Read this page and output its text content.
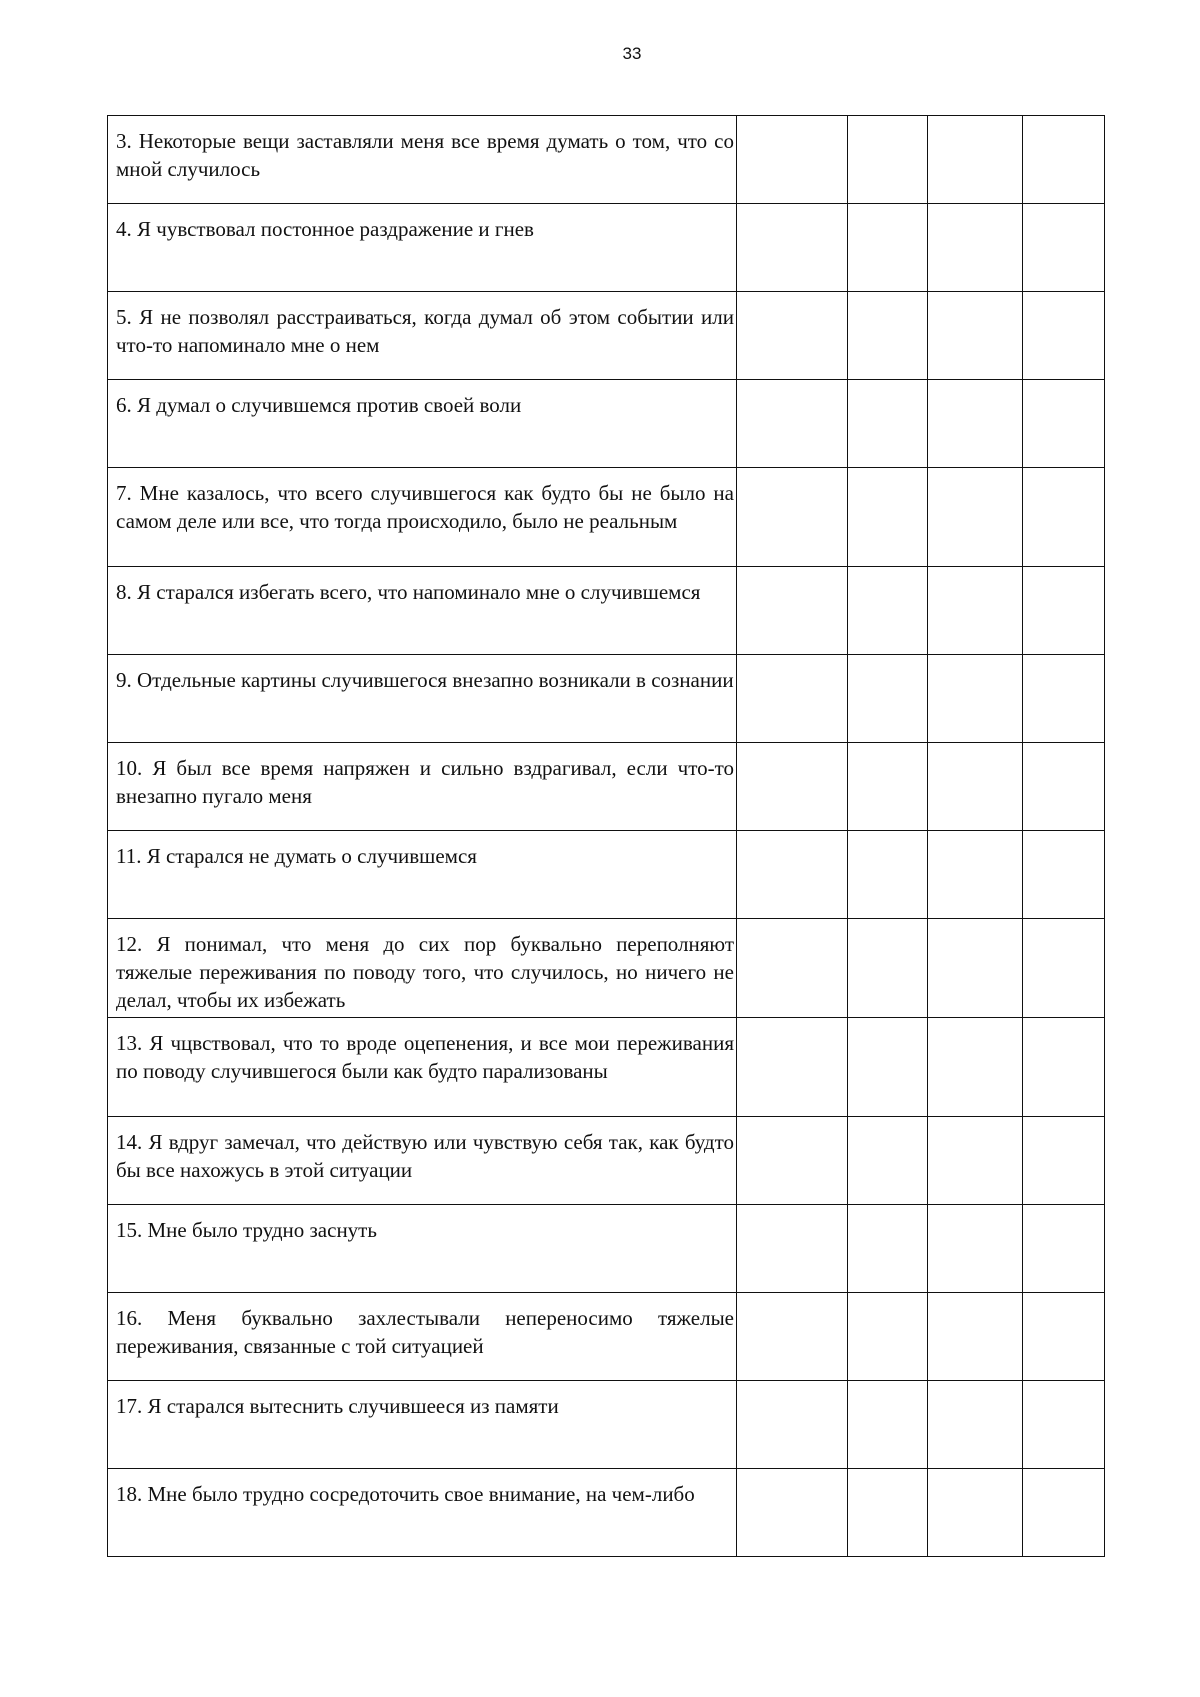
33
3. Некоторые вещи заставляли меня все время думать о том, что со мной случилось				
4. Я чувствовал постонное раздражение и гнев				
5. Я не позволял расстраиваться, когда думал об этом событии или что-то напоминало мне о нем				
6. Я думал о случившемся против своей воли				
7. Мне казалось, что всего случившегося как будто бы не было на самом деле или все, что тогда происходило, было не реальным				
8. Я старался избегать всего, что напоминало мне о случившемся				
9. Отдельные картины случившегося внезапно возникали в сознании				
10. Я был все время напряжен и сильно вздрагивал, если что-то внезапно пугало меня				
11. Я старался не думать о случившемся				
12. Я понимал, что меня до сих пор буквально переполняют тяжелые переживания по поводу того, что случилось, но ничего не делал, чтобы их избежать				
13. Я чцвствовал, что то вроде оцепенения, и все мои переживания по поводу случившегося были как будто парализованы				
14. Я вдруг замечал, что действую или чувствую себя так, как будто бы все нахожусь в этой ситуации				
15. Мне было трудно заснуть				
16. Меня буквально захлестывали непереносимо тяжелые переживания, связанные с той ситуацией				
17. Я старался вытеснить случившееся из памяти				
18. Мне было трудно сосредоточить свое внимание, на чем-либо				
